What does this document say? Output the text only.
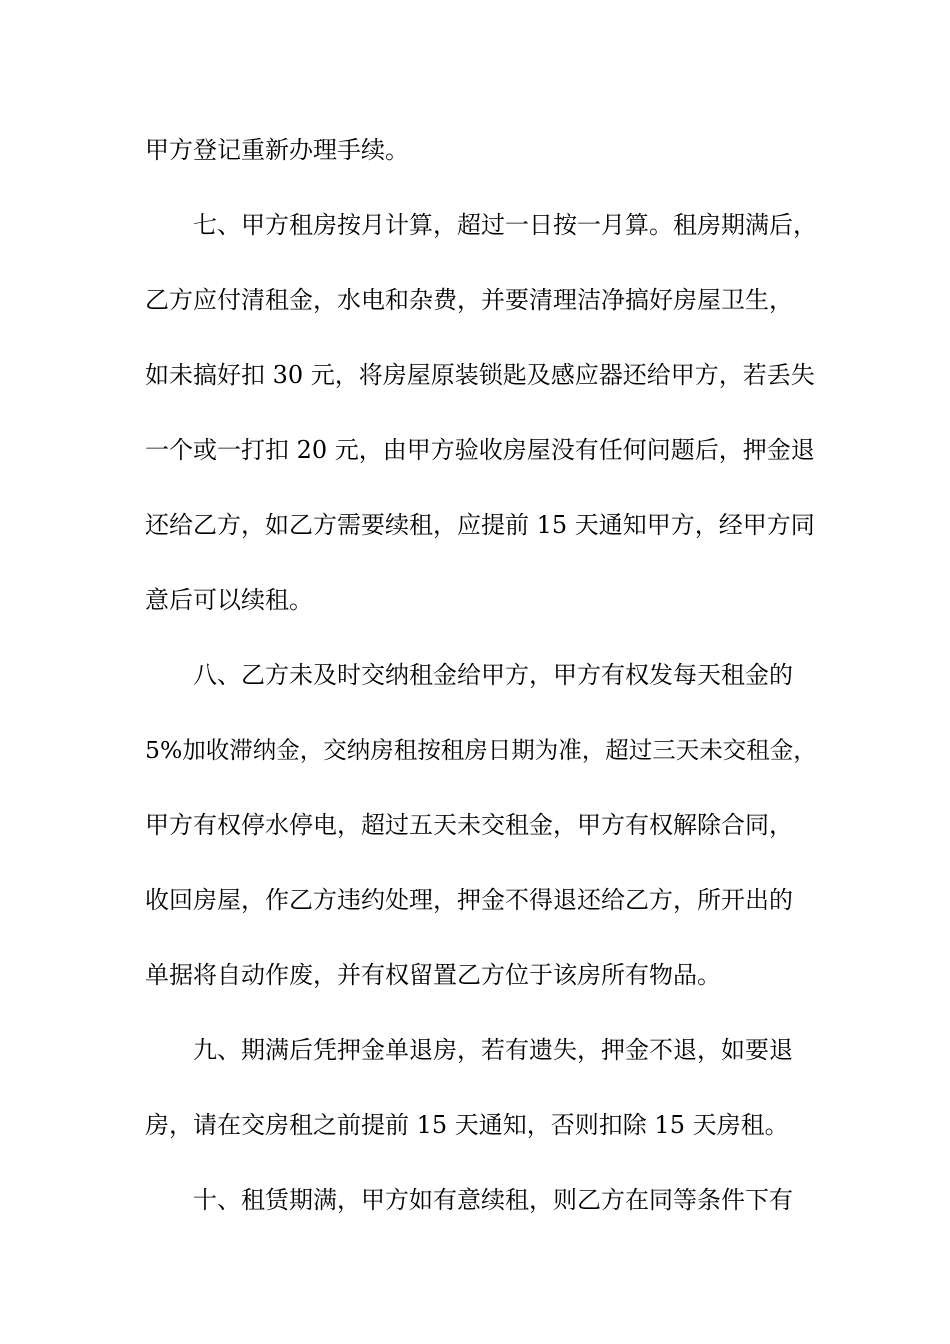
甲方登记重新办理手续。
七、甲方租房按月计算，超过一日按一月算。租房期满后，
乙方应付清租金，水电和杂费，并要清理洁净搞好房屋卫生，
如未搞好扣 30 元，将房屋原装锁匙及感应器还给甲方，若丢失
一个或一打扣 20 元，由甲方验收房屋没有任何问题后，押金退
还给乙方，如乙方需要续租，应提前 15 天通知甲方，经甲方同
意后可以续租。
八、乙方未及时交纳租金给甲方，甲方有权发每天租金的
5%加收滞纳金，交纳房租按租房日期为准，超过三天未交租金，
甲方有权停水停电，超过五天未交租金，甲方有权解除合同，
收回房屋，作乙方违约处理，押金不得退还给乙方，所开出的
单据将自动作废，并有权留置乙方位于该房所有物品。
九、期满后凭押金单退房，若有遗失，押金不退，如要退
房，请在交房租之前提前 15 天通知，否则扣除 15 天房租。
十、租赁期满，甲方如有意续租，则乙方在同等条件下有
